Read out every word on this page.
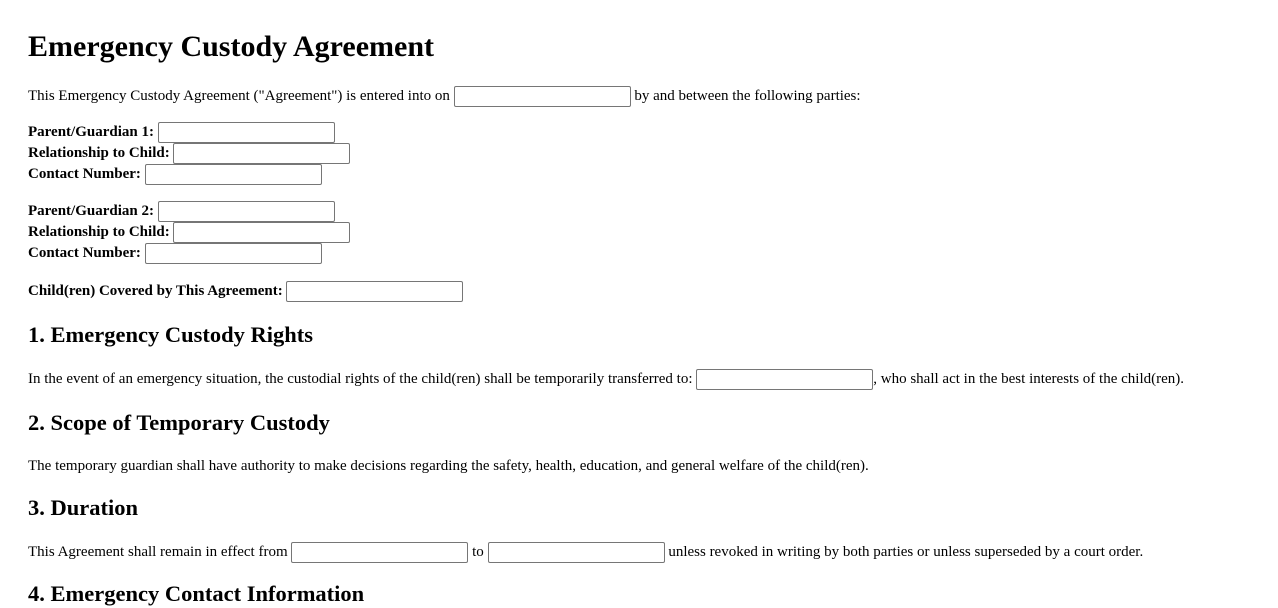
Emergency Custody Agreement
This Emergency Custody Agreement ("Agreement") is entered into on	by and between the following parties:
Parent/Guardian 1:
Relationship to Child:
Contact Number:
Parent/Guardian 2:
Relationship to Child:
Contact Number:
Child(ren) Covered by This Agreement:
1. Emergency Custody Rights
In the event of an emergency situation, the custodial rights of the child(ren) shall be temporarily transferred to:	, who shall act in the best interests of the child(ren).
2. Scope of Temporary Custody
The temporary guardian shall have authority to make decisions regarding the safety, health, education, and general welfare of the child(ren).
3. Duration
This Agreement shall remain in effect from	to	unless revoked in writing by both parties or unless superseded by a court order.
4. Emergency Contact Information
